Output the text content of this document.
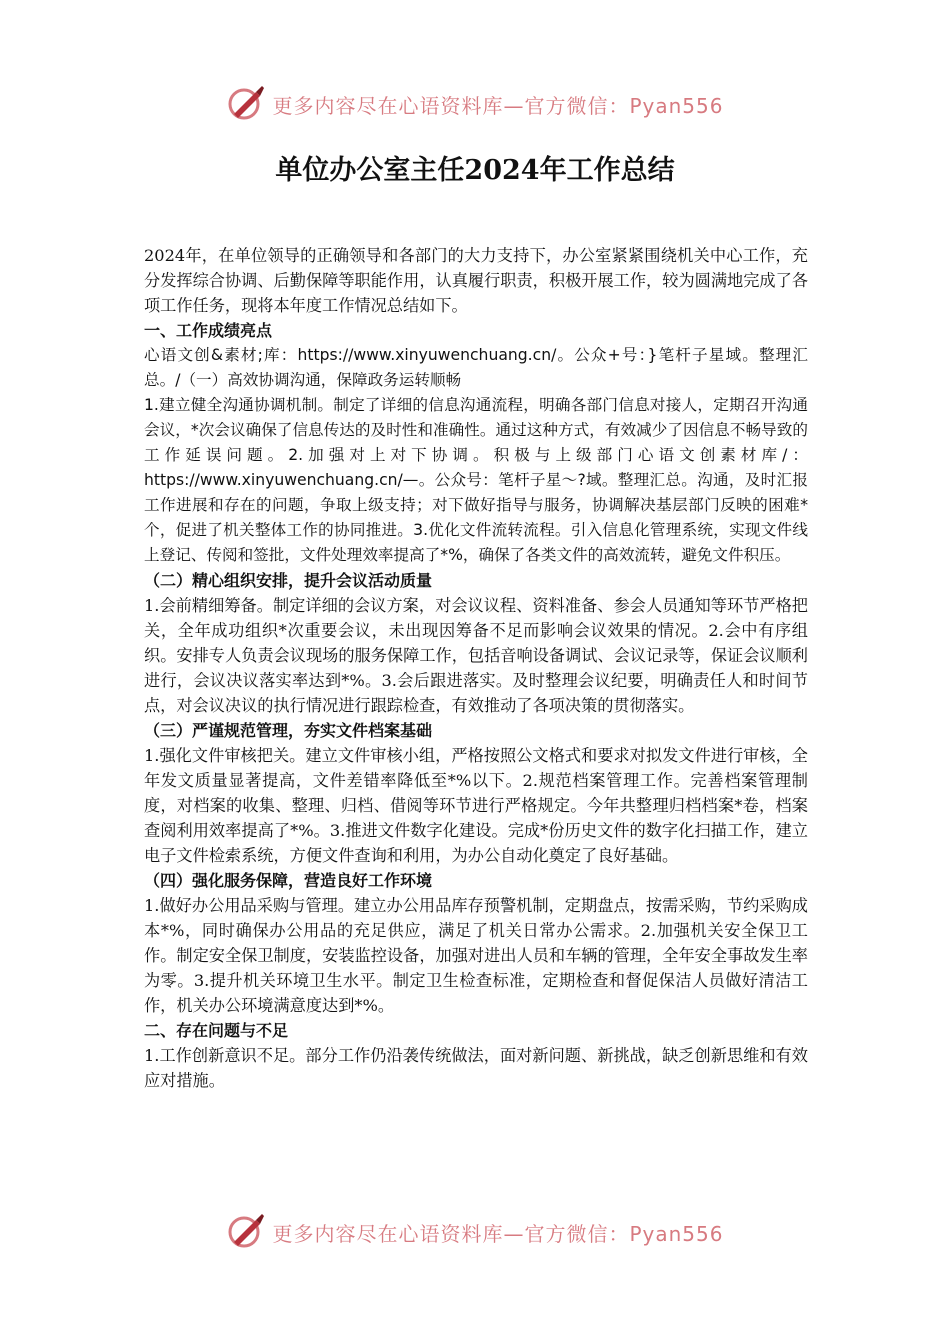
更多内容尽在心语资料库—官方微信：Pyan556
单位办公室主任2024年工作总结

2024年，在单位领导的正确领导和各部门的大力支持下，办公室紧紧围绕机关中心工作，充分发挥综合协调、后勤保障等职能作用，认真履行职责，积极开展工作，较为圆满地完成了各项工作任务，现将本年度工作情况总结如下。

一、工作成绩亮点

心语文创&素材;库：https://www.xinyuwenchuang.cn/。公众+号：}笔杆子星域。整理汇总。/（一）高效协调沟通，保障政务运转顺畅

1.建立健全沟通协调机制。制定了详细的信息沟通流程，明确各部门信息对接人，定期召开沟通会议，*次会议确保了信息传达的及时性和准确性。通过这种方式，有效减少了因信息不畅导致的工作延误问题。2.加强对上对下协调。积极与上级部门心语文创素材库/：https://www.xinyuwenchuang.cn/—。公众号：笔杆子星～?域。整理汇总。沟通，及时汇报工作进展和存在的问题，争取上级支持；对下做好指导与服务，协调解决基层部门反映的困难*个，促进了机关整体工作的协同推进。3.优化文件流转流程。引入信息化管理系统，实现文件线上登记、传阅和签批，文件处理效率提高了*%，确保了各类文件的高效流转，避免文件积压。

（二）精心组织安排，提升会议活动质量

1.会前精细筹备。制定详细的会议方案，对会议议程、资料准备、参会人员通知等环节严格把关，全年成功组织*次重要会议，未出现因筹备不足而影响会议效果的情况。2.会中有序组织。安排专人负责会议现场的服务保障工作，包括音响设备调试、会议记录等，保证会议顺利进行，会议决议落实率达到*%。3.会后跟进落实。及时整理会议纪要，明确责任人和时间节点，对会议决议的执行情况进行跟踪检查，有效推动了各项决策的贯彻落实。

（三）严谨规范管理，夯实文件档案基础

1.强化文件审核把关。建立文件审核小组，严格按照公文格式和要求对拟发文件进行审核，全年发文质量显著提高，文件差错率降低至*%以下。2.规范档案管理工作。完善档案管理制度，对档案的收集、整理、归档、借阅等环节进行严格规定。今年共整理归档档案*卷，档案查阅利用效率提高了*%。3.推进文件数字化建设。完成*份历史文件的数字化扫描工作，建立电子文件检索系统，方便文件查询和利用，为办公自动化奠定了良好基础。

（四）强化服务保障，营造良好工作环境

1.做好办公用品采购与管理。建立办公用品库存预警机制，定期盘点，按需采购，节约采购成本*%，同时确保办公用品的充足供应，满足了机关日常办公需求。2.加强机关安全保卫工作。制定安全保卫制度，安装监控设备，加强对进出人员和车辆的管理，全年安全事故发生率为零。3.提升机关环境卫生水平。制定卫生检查标准，定期检查和督促保洁人员做好清洁工作，机关办公环境满意度达到*%。

二、存在问题与不足

1.工作创新意识不足。部分工作仍沿袭传统做法，面对新问题、新挑战，缺乏创新思维和有效应对措施。

更多内容尽在心语资料库—官方微信：Pyan556
